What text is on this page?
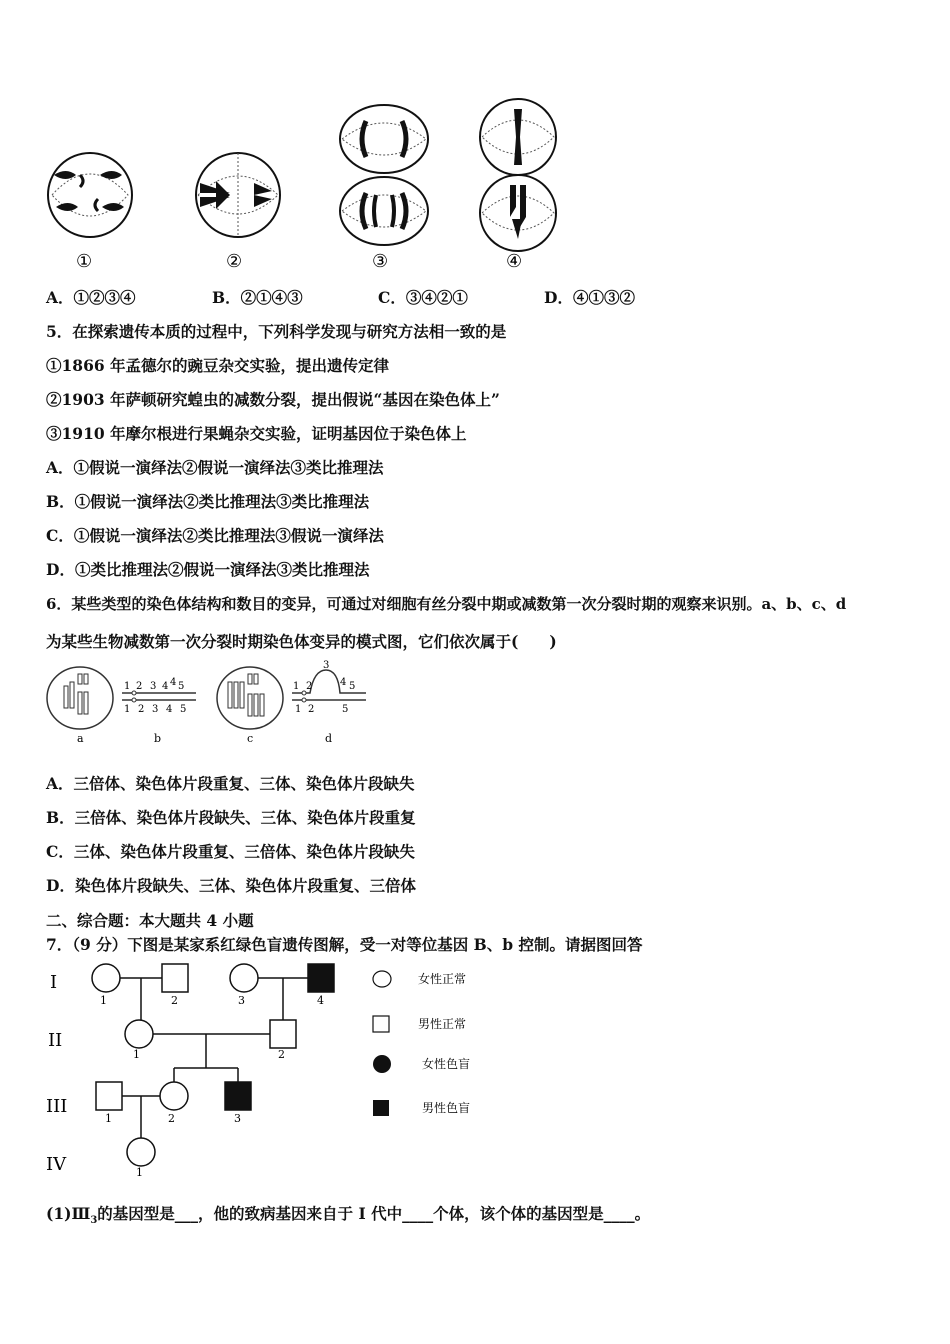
①	②	③	④
A．①②③④	B．②①④③	C．③④②①	D．④①③②
5．在探索遗传本质的过程中，下列科学发现与研究方法相一致的是
①1866 年孟德尔的豌豆杂交实验，提出遗传定律
②1903 年萨顿研究蝗虫的减数分裂，提出假说“基因在染色体上”
③1910 年摩尔根进行果蝇杂交实验，证明基因位于染色体上
A．①假说一演绎法②假说一演绎法③类比推理法
B．①假说一演绎法②类比推理法③类比推理法
C．①假说一演绎法②类比推理法③假说一演绎法
D．①类比推理法②假说一演绎法③类比推理法
6．某些类型的染色体结构和数目的变异，可通过对细胞有丝分裂中期或减数第一次分裂时期的观察来识别。a、b、c、d
为某些生物减数第一次分裂时期染色体变异的模式图，它们依次属于(　　)
a
1 2 3 4 4 5
1 2 3 4 5
b	c
1 2
3
4 5
1 2	5
d
A．三倍体、染色体片段重复、三体、染色体片段缺失
B．三倍体、染色体片段缺失、三体、染色体片段重复
C．三体、染色体片段重复、三倍体、染色体片段缺失
D．染色体片段缺失、三体、染色体片段重复、三倍体
二、综合题：本大题共 4 小题
7．（9 分）下图是某家系红绿色盲遗传图解，受一对等位基因 B、b 控制。请据图回答
I
II
III
IV
1	2	3	4
1	2
1	2	3
1
女性正常
男性正常
女性色盲
男性色盲
$(1)Ⅲ_3$的基因型是___，他的致病基因来自于 I 代中____个体，该个体的基因型是____。
